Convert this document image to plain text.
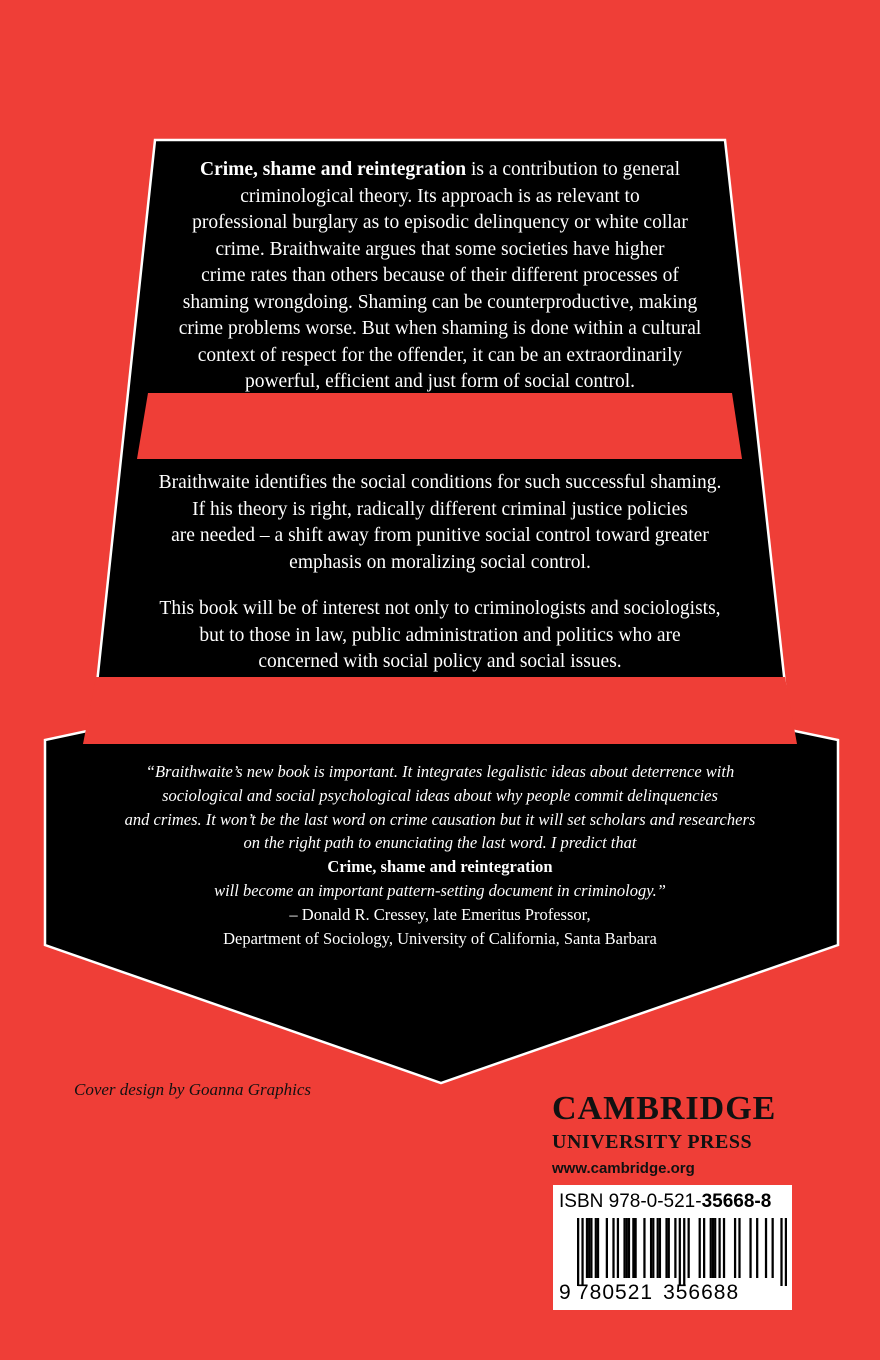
Crime, shame and reintegration is a contribution to general
criminological theory. Its approach is as relevant to
professional burglary as to episodic delinquency or white collar
crime. Braithwaite argues that some societies have higher
crime rates than others because of their different processes of
shaming wrongdoing. Shaming can be counterproductive, making
crime problems worse. But when shaming is done within a cultural
context of respect for the offender, it can be an extraordinarily
powerful, efficient and just form of social control.
Braithwaite identifies the social conditions for such successful shaming.
If his theory is right, radically different criminal justice policies
are needed – a shift away from punitive social control toward greater
emphasis on moralizing social control.
This book will be of interest not only to criminologists and sociologists,
but to those in law, public administration and politics who are
concerned with social policy and social issues.
“Braithwaite’s new book is important. It integrates legalistic ideas about deterrence with
sociological and social psychological ideas about why people commit delinquencies
and crimes. It won’t be the last word on crime causation but it will set scholars and researchers
on the right path to enunciating the last word. I predict that
Crime, shame and reintegration
will become an important pattern-setting document in criminology.”
– Donald R. Cressey, late Emeritus Professor,
Department of Sociology, University of California, Santa Barbara
Cover design by Goanna Graphics
CAMBRIDGE
UNIVERSITY PRESS
www.cambridge.org
ISBN 978-0-521-35668-8
9 780521 356688
